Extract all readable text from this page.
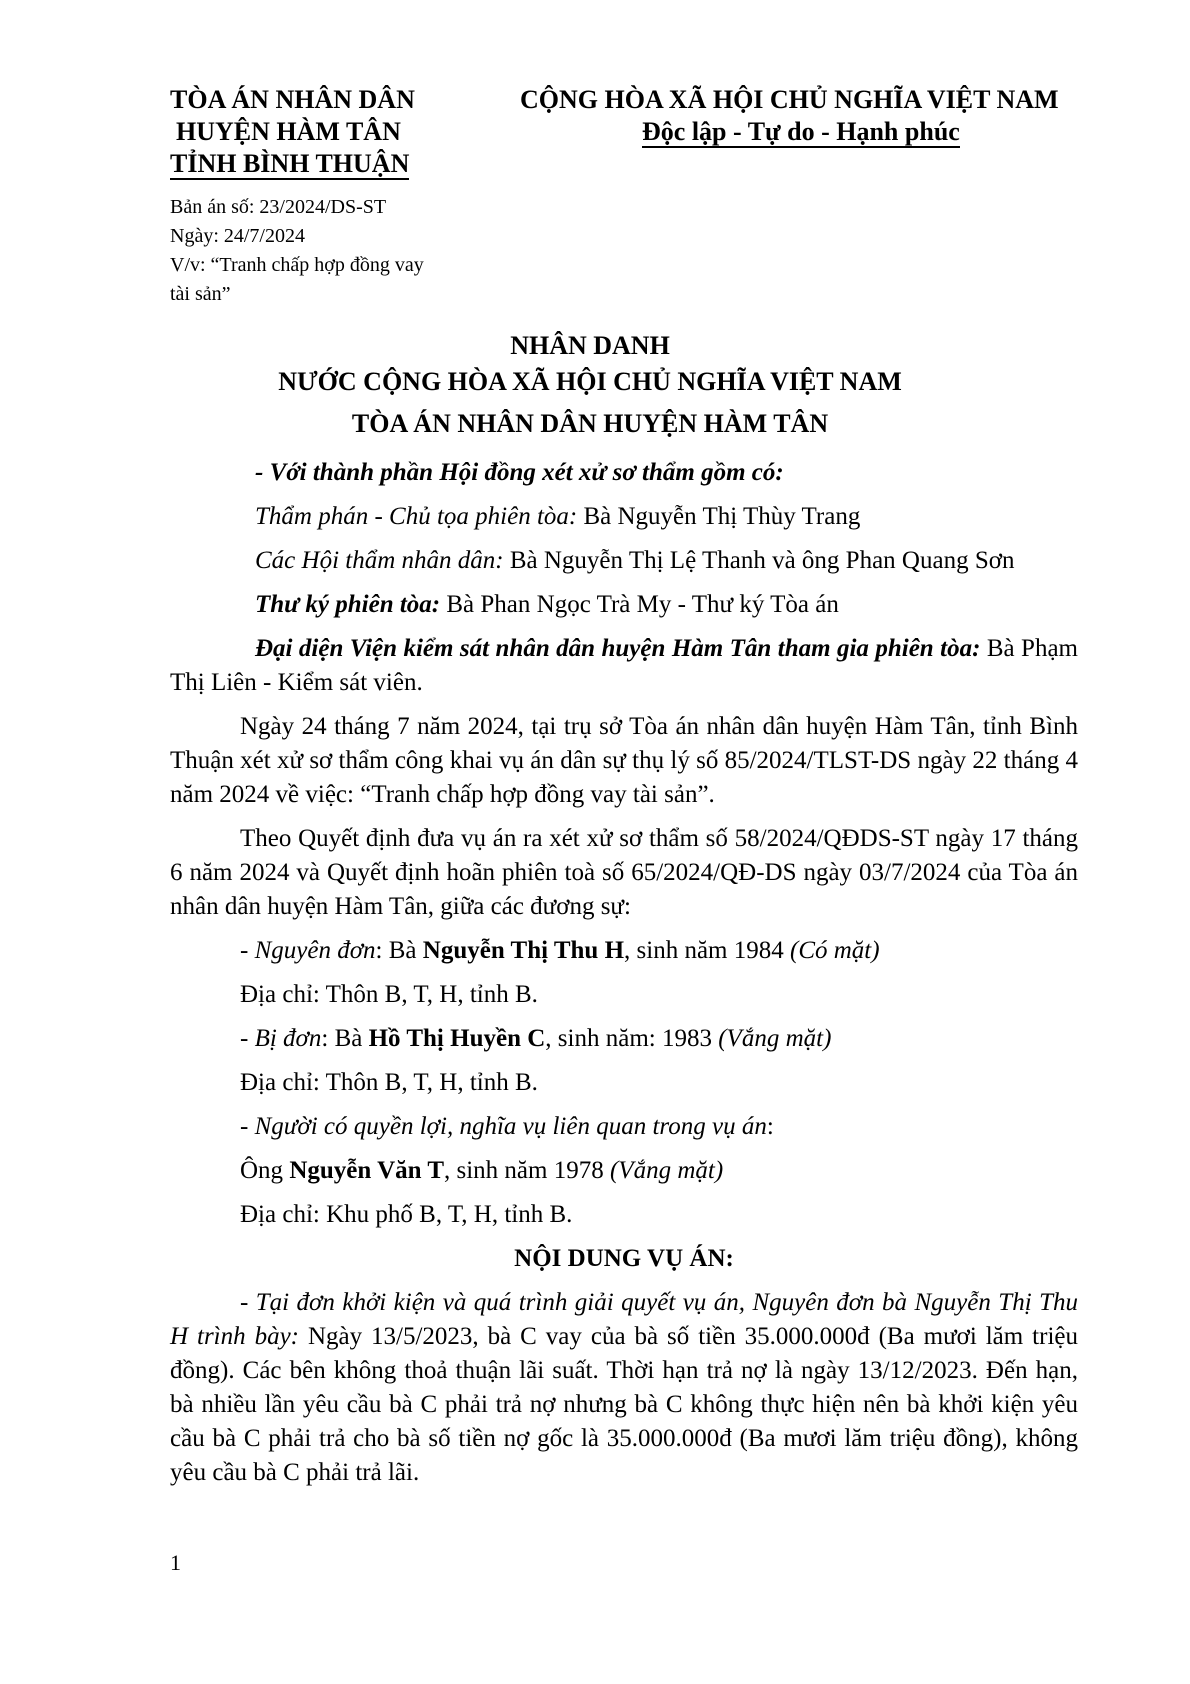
TÒA ÁN NHÂN DÂN
HUYỆN HÀM TÂN
TỈNH BÌNH THUẬN
CỘNG HÒA XÃ HỘI CHỦ NGHĨA VIỆT NAM
Độc lập - Tự do - Hạnh phúc
Bản án số: 23/2024/DS-ST
Ngày: 24/7/2024
V/v: “Tranh chấp hợp đồng vay
tài sản”
NHÂN DANH
NƯỚC CỘNG HÒA XÃ HỘI CHỦ NGHĨA VIỆT NAM
TÒA ÁN NHÂN DÂN HUYỆN HÀM TÂN

- Với thành phần Hội đồng xét xử sơ thẩm gồm có:

Thẩm phán - Chủ tọa phiên tòa: Bà Nguyễn Thị Thùy Trang

Các Hội thẩm nhân dân: Bà Nguyễn Thị Lệ Thanh và ông Phan Quang Sơn

Thư ký phiên tòa: Bà Phan Ngọc Trà My - Thư ký Tòa án

Đại diện Viện kiểm sát nhân dân huyện Hàm Tân tham gia phiên tòa: Bà Phạm Thị Liên - Kiểm sát viên.

Ngày 24 tháng 7 năm 2024, tại trụ sở Tòa án nhân dân huyện Hàm Tân, tỉnh Bình Thuận xét xử sơ thẩm công khai vụ án dân sự thụ lý số 85/2024/TLST-DS ngày 22 tháng 4 năm 2024 về việc: “Tranh chấp hợp đồng vay tài sản”.

Theo Quyết định đưa vụ án ra xét xử sơ thẩm số 58/2024/QĐDS-ST ngày 17 tháng 6 năm 2024 và Quyết định hoãn phiên toà số 65/2024/QĐ-DS ngày 03/7/2024 của Tòa án nhân dân huyện Hàm Tân, giữa các đương sự:

- Nguyên đơn: Bà Nguyễn Thị Thu H, sinh năm 1984 (Có mặt)

Địa chỉ: Thôn B, T, H, tỉnh B.

- Bị đơn: Bà Hồ Thị Huyền C, sinh năm: 1983 (Vắng mặt)

Địa chỉ: Thôn B, T, H, tỉnh B.

- Người có quyền lợi, nghĩa vụ liên quan trong vụ án:

Ông Nguyễn Văn T, sinh năm 1978 (Vắng mặt)

Địa chỉ: Khu phố B, T, H, tỉnh B.

NỘI DUNG VỤ ÁN:

- Tại đơn khởi kiện và quá trình giải quyết vụ án, Nguyên đơn bà Nguyễn Thị Thu H trình bày: Ngày 13/5/2023, bà C vay của bà số tiền 35.000.000đ (Ba mươi lăm triệu đồng). Các bên không thoả thuận lãi suất. Thời hạn trả nợ là ngày 13/12/2023. Đến hạn, bà nhiều lần yêu cầu bà C phải trả nợ nhưng bà C không thực hiện nên bà khởi kiện yêu cầu bà C phải trả cho bà số tiền nợ gốc là 35.000.000đ (Ba mươi lăm triệu đồng), không yêu cầu bà C phải trả lãi.

1
